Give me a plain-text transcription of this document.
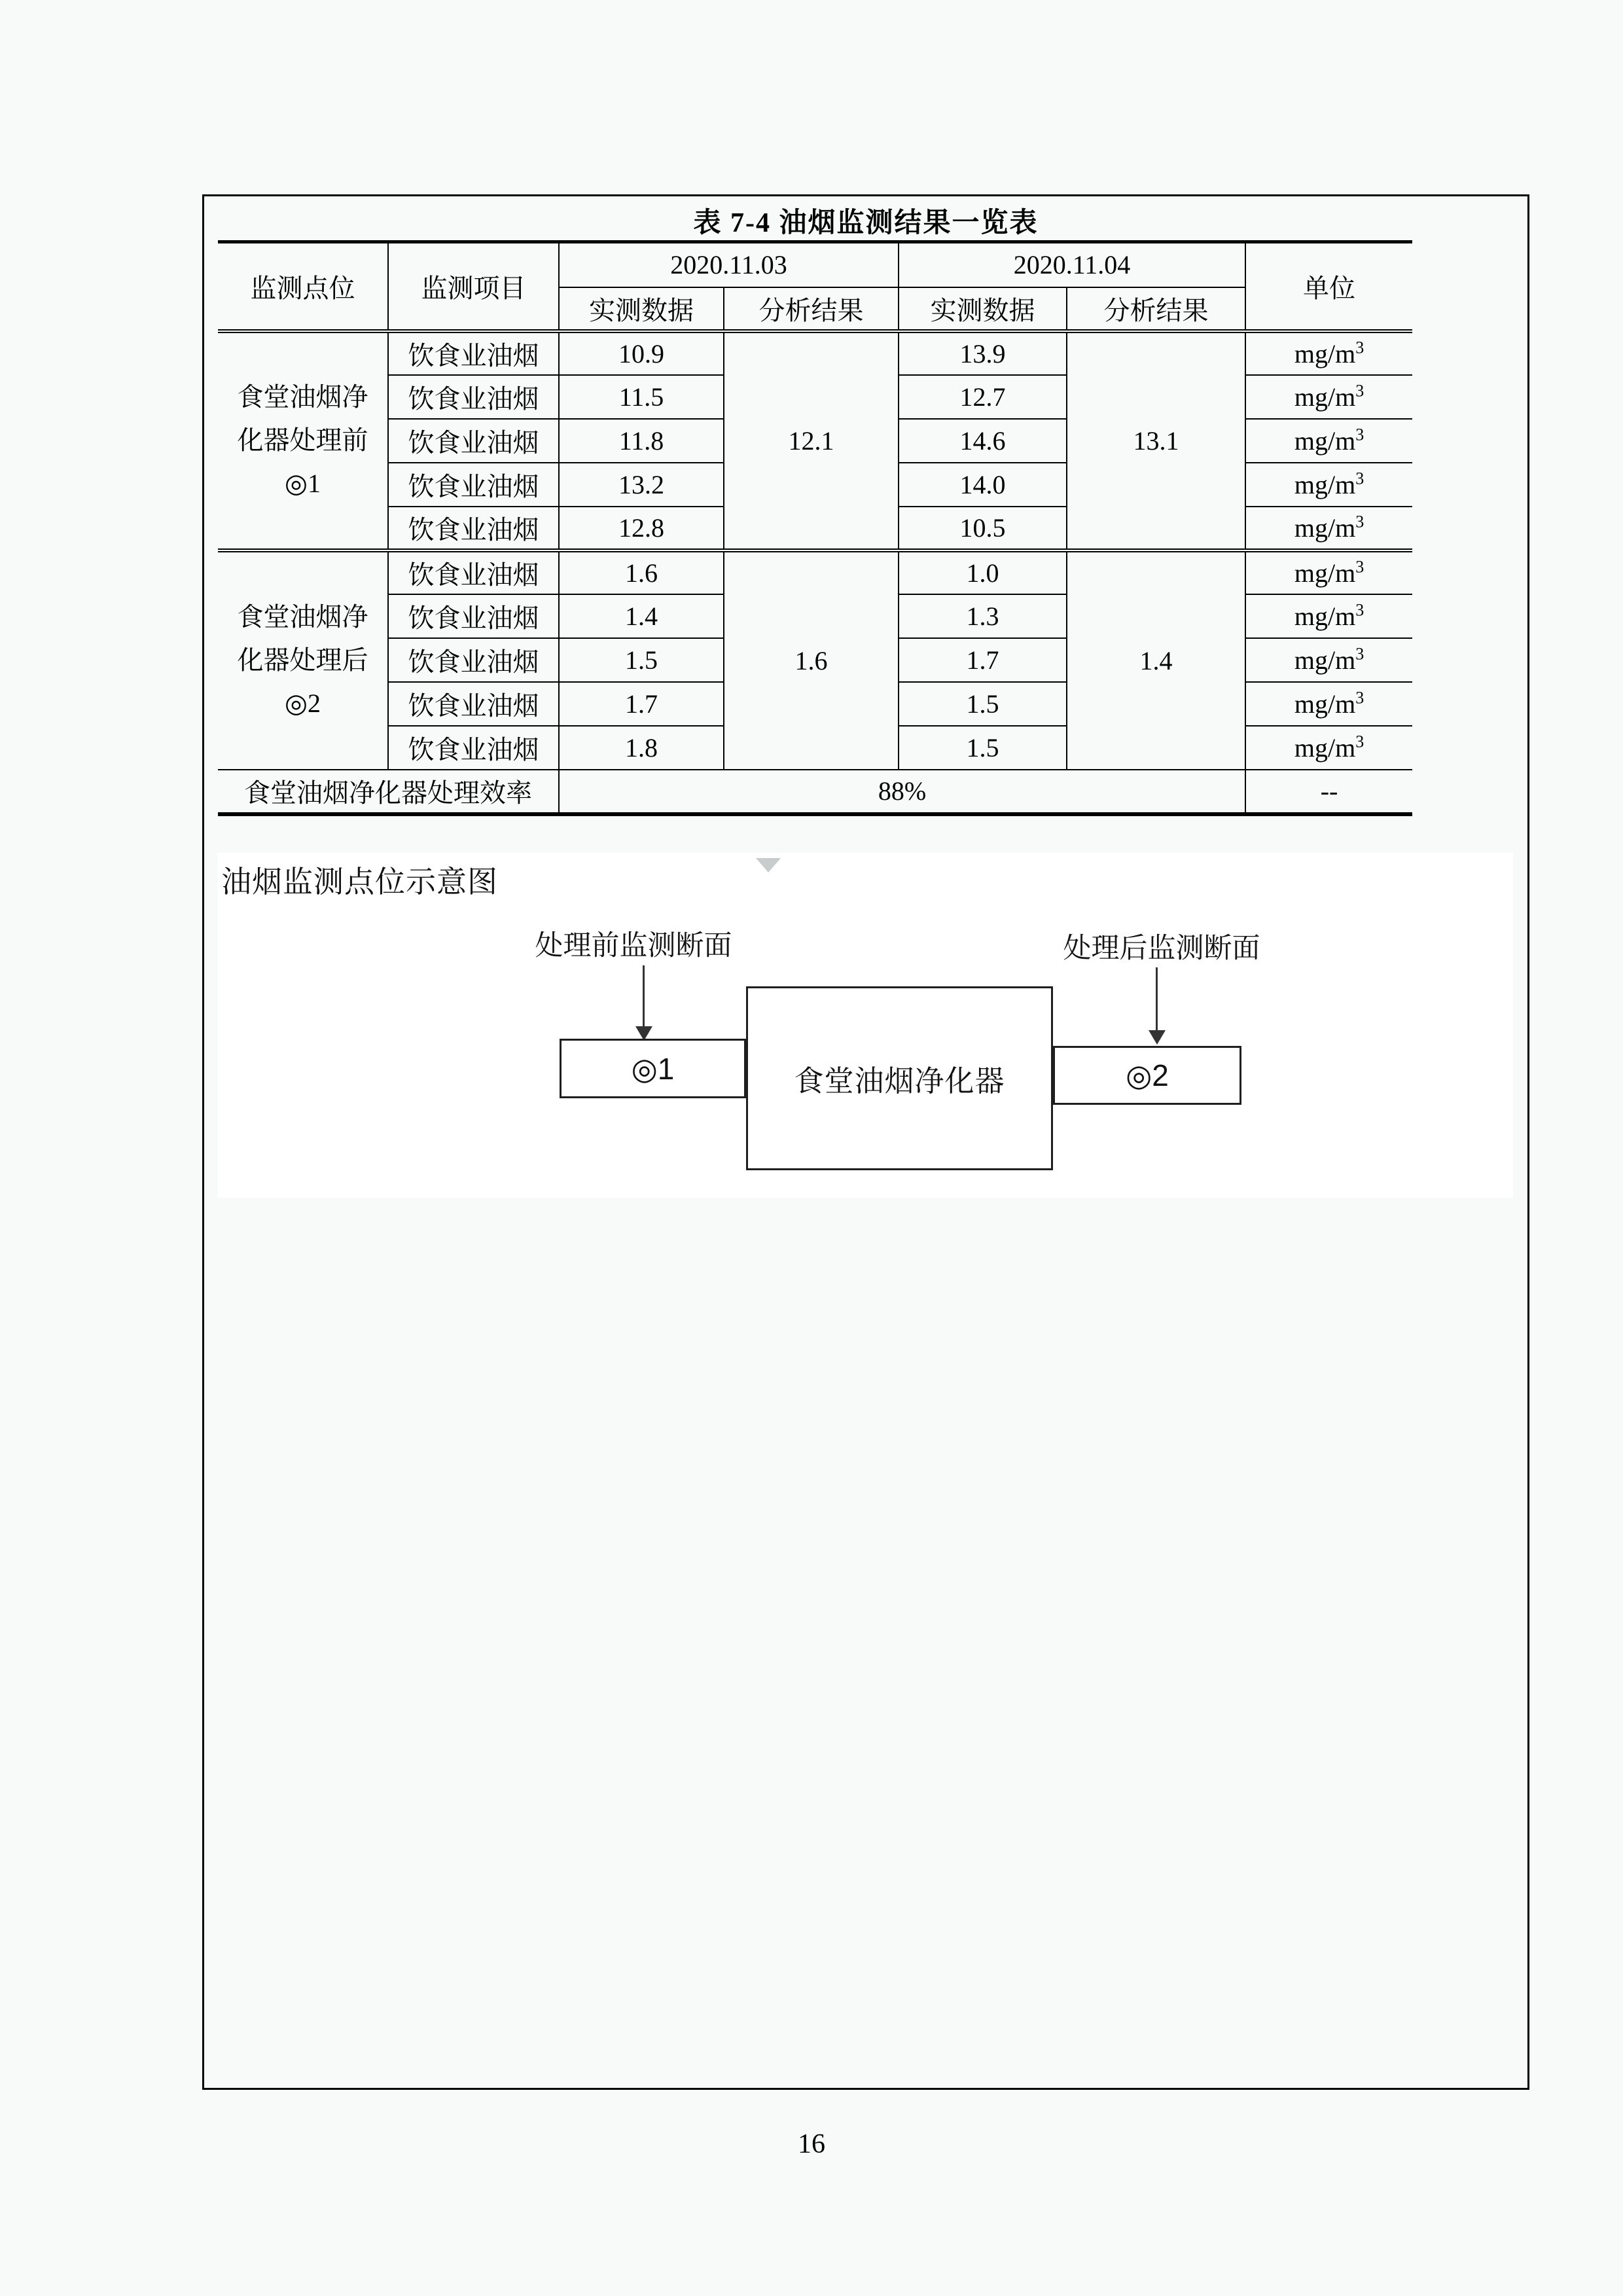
表 7-4 油烟监测结果一览表
监测点位	监测项目	2020.11.03		2020.11.04		单位
		实测数据	分析结果	实测数据	分析结果	

食堂油烟净
化器处理前
◎1	饮食业油烟	10.9	12.1	13.9	13.1	$mg/m^3$
	饮食业油烟	11.5		12.7		$mg/m^3$
	饮食业油烟	11.8		14.6		$mg/m^3$
	饮食业油烟	13.2		14.0		$mg/m^3$
	饮食业油烟	12.8		10.5		$mg/m^3$

食堂油烟净
化器处理后
◎2	饮食业油烟	1.6	1.6	1.0	1.4	$mg/m^3$
	饮食业油烟	1.4		1.3		$mg/m^3$
	饮食业油烟	1.5		1.7		$mg/m^3$
	饮食业油烟	1.7		1.5		$mg/m^3$
	饮食业油烟	1.8		1.5		$mg/m^3$
食堂油烟净化器处理效率		88%				--
油烟监测点位示意图
处理前监测断面	处理后监测断面
食堂油烟净化器
◎1	◎2
16
